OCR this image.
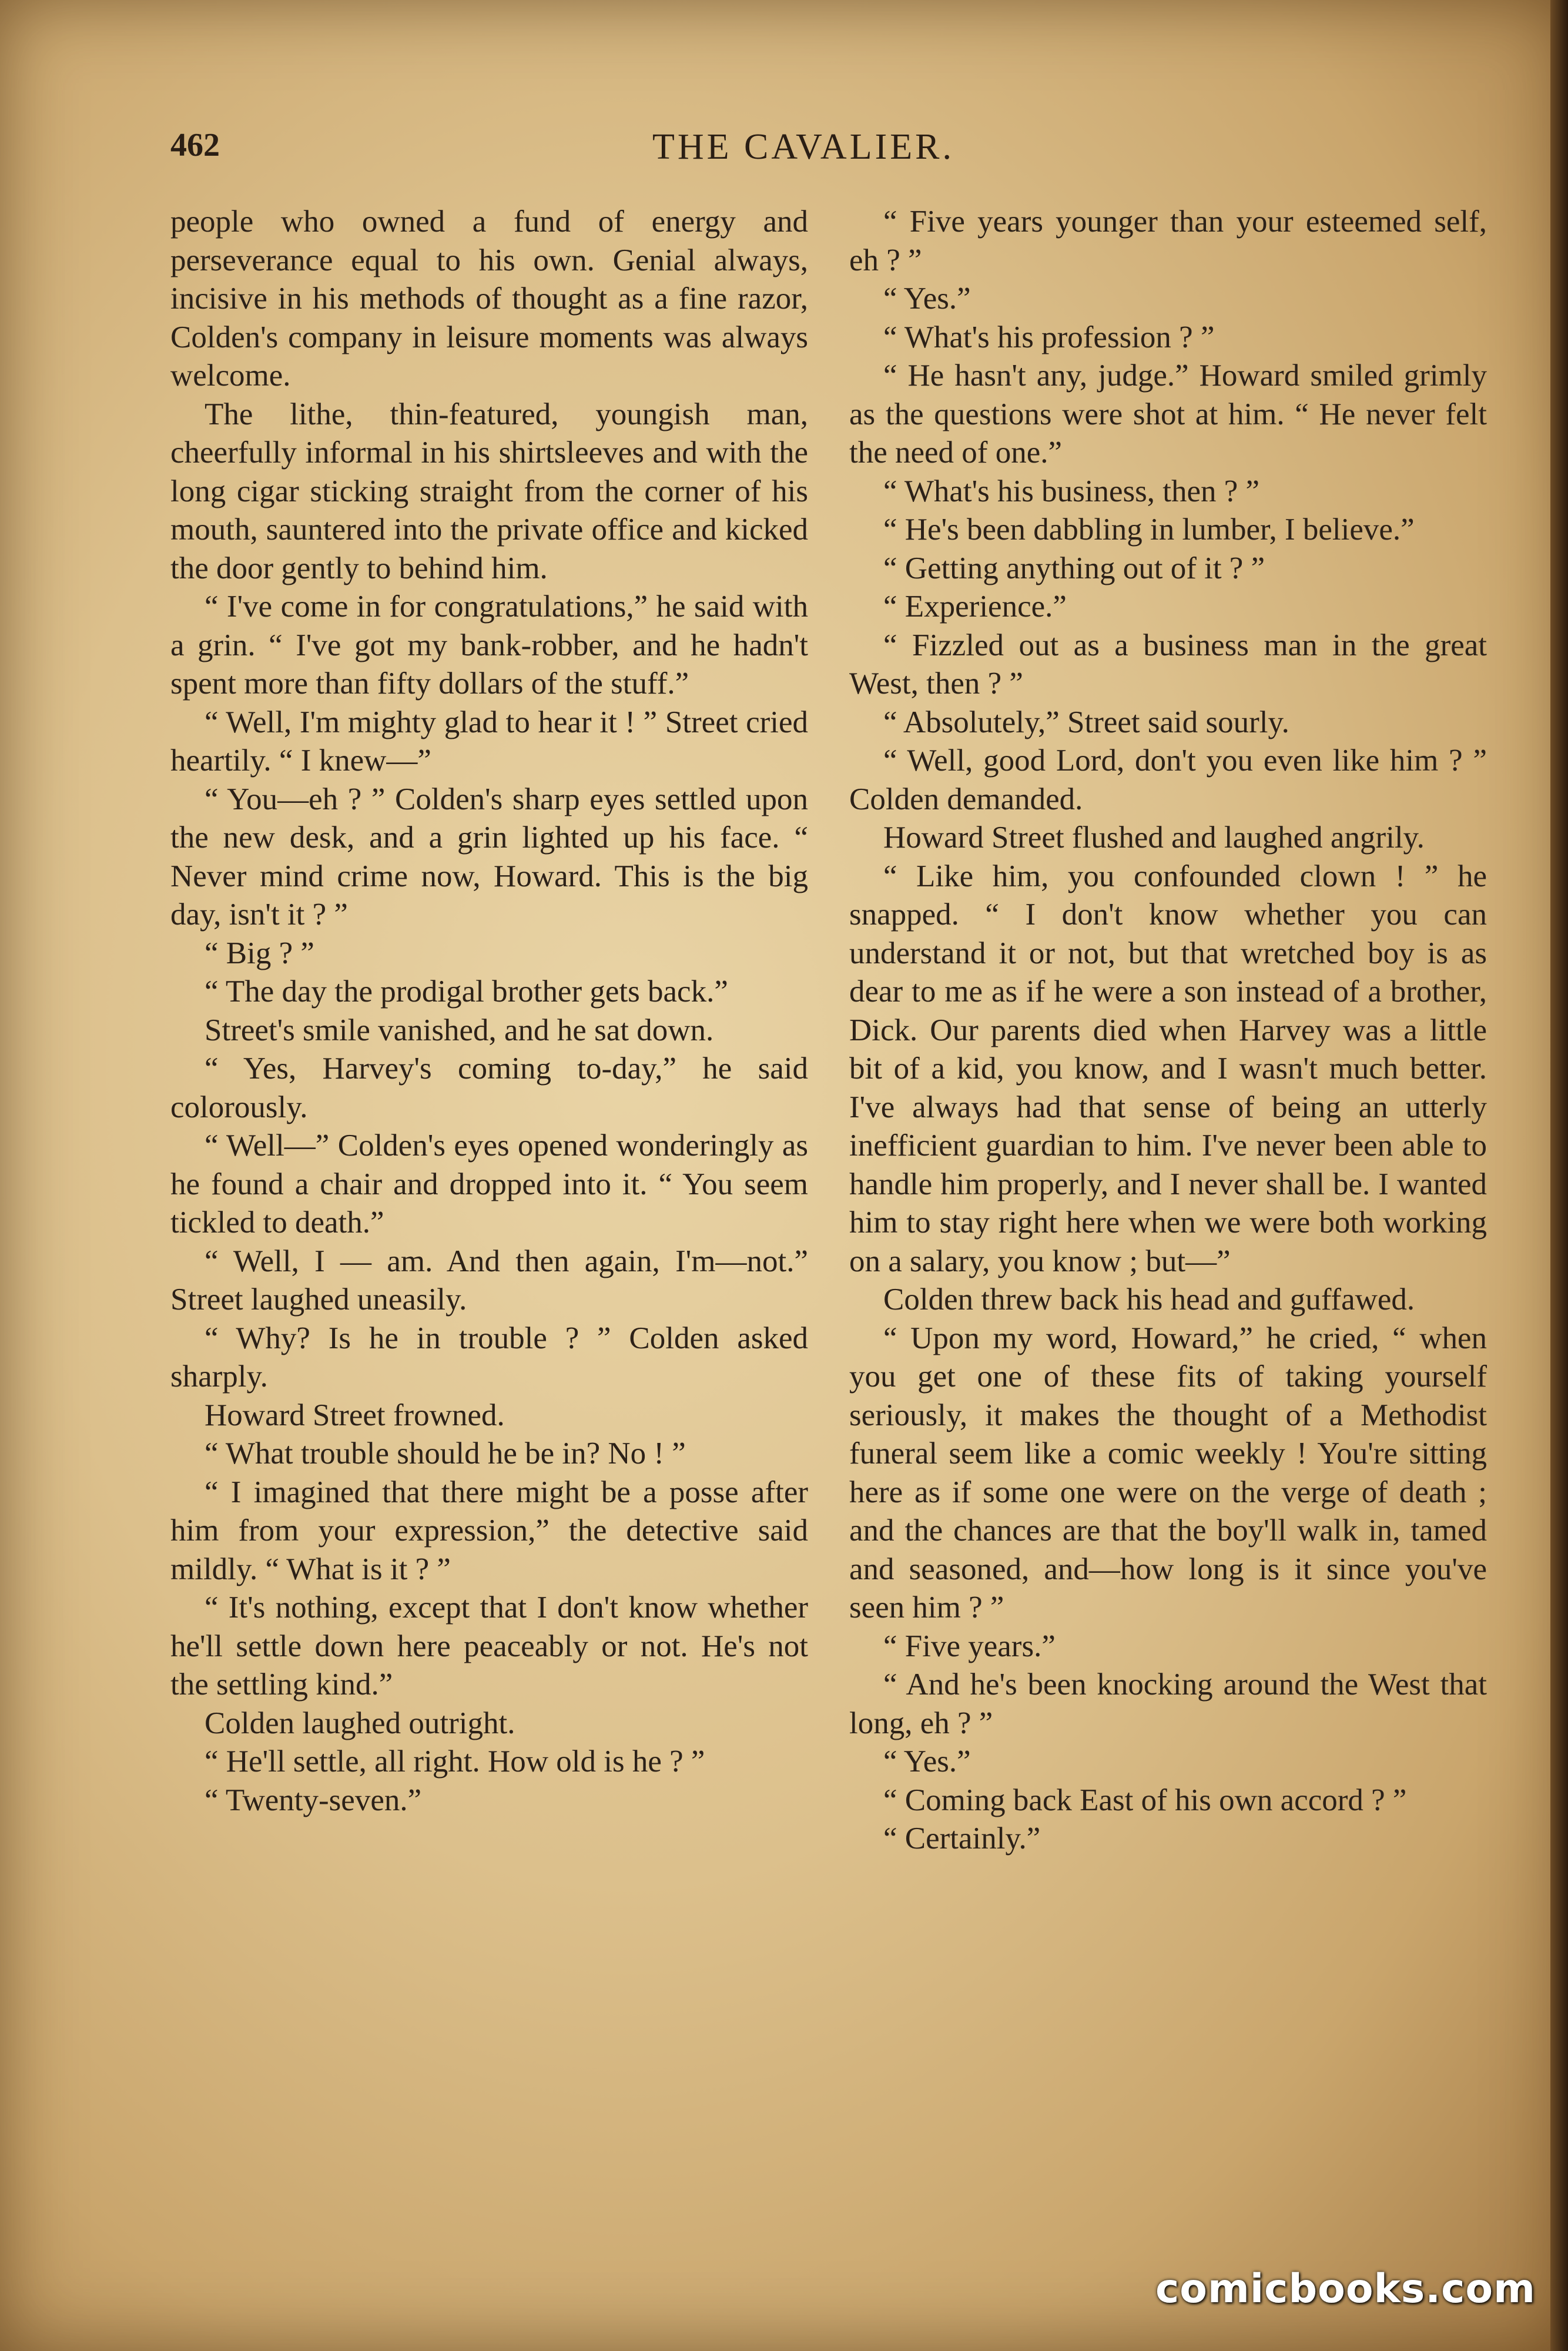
462	THE CAVALIER.

people who owned a fund of energy and perseverance equal to his own. Genial always, incisive in his methods of thought as a fine razor, Colden's company in leisure moments was always welcome.

The lithe, thin-featured, youngish man, cheerfully informal in his shirtsleeves and with the long cigar sticking straight from the corner of his mouth, sauntered into the private office and kicked the door gently to behind him.

“ I've come in for congratulations,” he said with a grin. “ I've got my bank-robber, and he hadn't spent more than fifty dollars of the stuff.”

“ Well, I'm mighty glad to hear it ! ” Street cried heartily. “ I knew—”

“ You—eh ? ” Colden's sharp eyes settled upon the new desk, and a grin lighted up his face. “ Never mind crime now, Howard. This is the big day, isn't it ? ”

“ Big ? ”

“ The day the prodigal brother gets back.”

Street's smile vanished, and he sat down.

“ Yes, Harvey's coming to-day,” he said colorously.

“ Well—” Colden's eyes opened wonderingly as he found a chair and dropped into it. “ You seem tickled to death.”

“ Well, I — am. And then again, I'm—not.” Street laughed uneasily.

“ Why? Is he in trouble ? ” Colden asked sharply.

Howard Street frowned.

“ What trouble should he be in? No ! ”

“ I imagined that there might be a posse after him from your expression,” the detective said mildly. “ What is it ? ”

“ It's nothing, except that I don't know whether he'll settle down here peaceably or not. He's not the settling kind.”

Colden laughed outright.

“ He'll settle, all right. How old is he ? ”

“ Twenty-seven.”

“ Five years younger than your esteemed self, eh ? ”

“ Yes.”

“ What's his profession ? ”

“ He hasn't any, judge.” Howard smiled grimly as the questions were shot at him. “ He never felt the need of one.”

“ What's his business, then ? ”

“ He's been dabbling in lumber, I believe.”

“ Getting anything out of it ? ”

“ Experience.”

“ Fizzled out as a business man in the great West, then ? ”

“ Absolutely,” Street said sourly.

“ Well, good Lord, don't you even like him ? ” Colden demanded.

Howard Street flushed and laughed angrily.

“ Like him, you confounded clown ! ” he snapped. “ I don't know whether you can understand it or not, but that wretched boy is as dear to me as if he were a son instead of a brother, Dick. Our parents died when Harvey was a little bit of a kid, you know, and I wasn't much better. I've always had that sense of being an utterly inefficient guardian to him. I've never been able to handle him properly, and I never shall be. I wanted him to stay right here when we were both working on a salary, you know ; but—”

Colden threw back his head and guffawed.

“ Upon my word, Howard,” he cried, “ when you get one of these fits of taking yourself seriously, it makes the thought of a Methodist funeral seem like a comic weekly ! You're sitting here as if some one were on the verge of death ; and the chances are that the boy'll walk in, tamed and seasoned, and—how long is it since you've seen him ? ”

“ Five years.”

“ And he's been knocking around the West that long, eh ? ”

“ Yes.”

“ Coming back East of his own accord ? ”

“ Certainly.”

comicbooks.com
